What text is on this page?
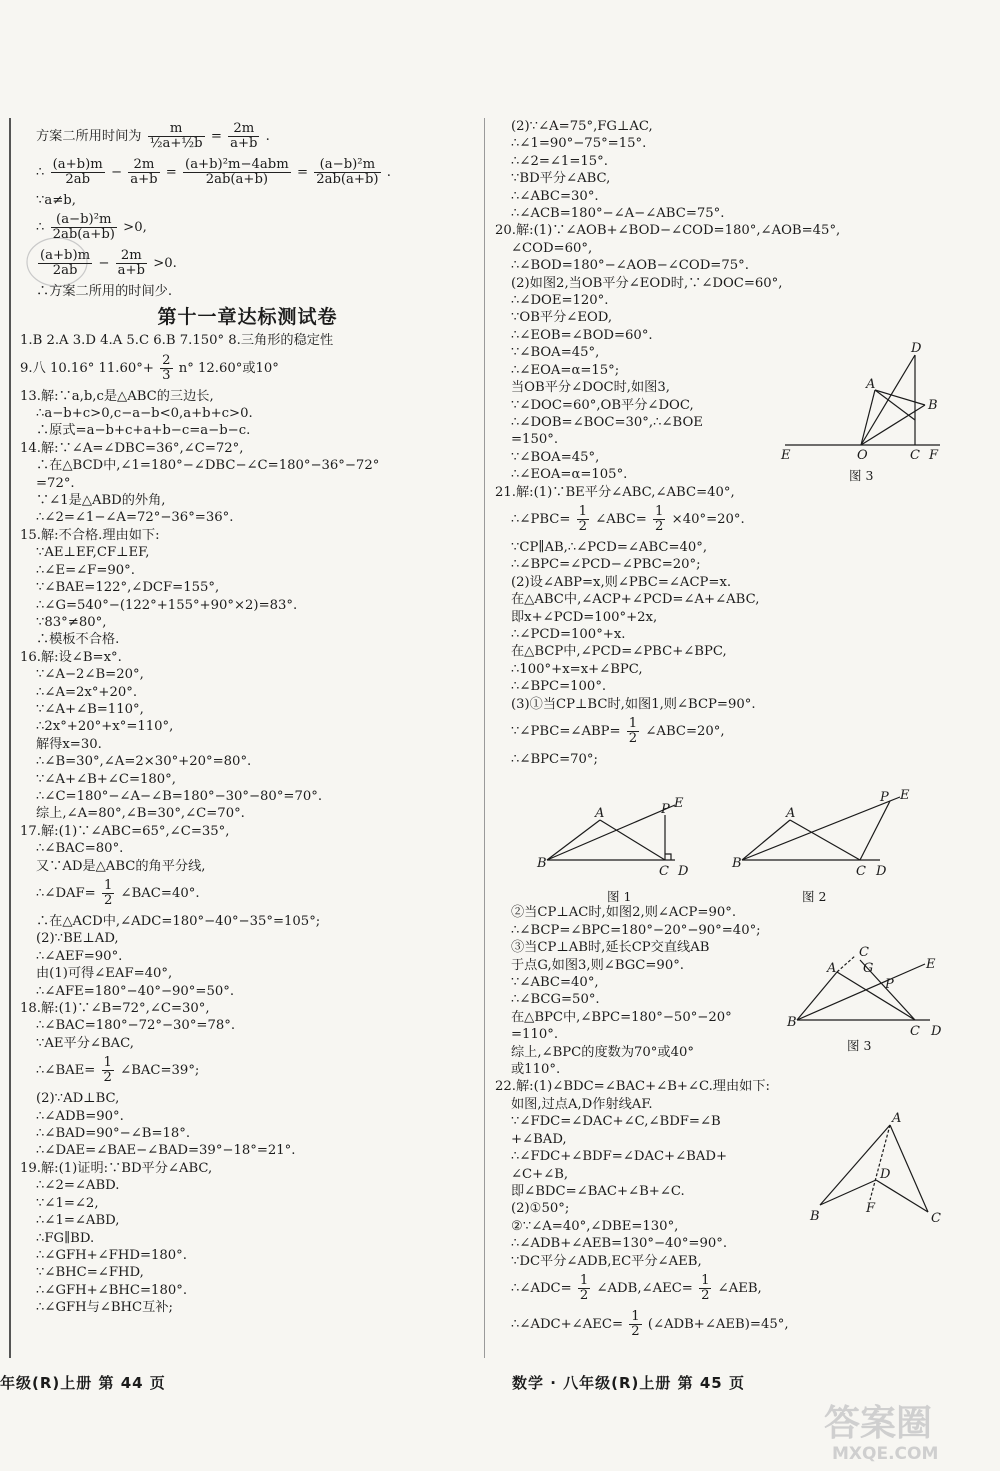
方案二所用时间为 $\frac{m}{\text{½a+½b}} = \frac{2m}{a+b}$ .
∴ $\frac{(a+b)m}{2ab} - \frac{2m}{a+b} = \frac{\text{(a+b)²m−4abm}}{2ab(a+b)} = \frac{\text{(a−b)²m}}{2ab(a+b)}$ .
∵a≠b,
∴ $\frac{\text{(a−b)²m}}{2ab(a+b)} >0$,
$\frac{(a+b)m}{2ab} - \frac{2m}{a+b} >0$.
∴方案二所用的时间少.
第十一章达标测试卷
1.B 2.A 3.D 4.A 5.C 6.B 7.150° 8.三角形的稳定性
9.八 10.16° $11.60^\circ+ \frac{2}{3} n^\circ$ 12.60°或10°
13.解:∵a,b,c是△ABC的三边长,
∴a−b+c>0,c−a−b<0,a+b+c>0.
∴原式=a−b+c+a+b−c=a−b−c.
14.解:∵∠A=∠DBC=36°,∠C=72°,
∴在△BCD中,∠1=180°−∠DBC−∠C=180°−36°−72°
=72°.
∵∠1是△ABD的外角,
∴∠2=∠1−∠A=72°−36°=36°.
15.解:不合格.理由如下:
∵AE⊥EF,CF⊥EF,
∴∠E=∠F=90°.
∵∠BAE=122°,∠DCF=155°,
∴∠G=540°−(122°+155°+90°×2)=83°.
∵83°≠80°,
∴模板不合格.
16.解:设∠B=x°.
∵∠A−2∠B=20°,
∴∠A=2x°+20°.
∵∠A+∠B=110°,
∴2x°+20°+x°=110°,
解得x=30.
∴∠B=30°,∠A=2×30°+20°=80°.
∵∠A+∠B+∠C=180°,
∴∠C=180°−∠A−∠B=180°−30°−80°=70°.
综上,∠A=80°,∠B=30°,∠C=70°.
17.解:(1)∵∠ABC=65°,∠C=35°,
∴∠BAC=80°.
又∵AD是△ABC的角平分线,
∴∠DAF= $\frac{1}{2}$ ∠BAC=40°.
∴在△ACD中,∠ADC=180°−40°−35°=105°;
(2)∵BE⊥AD,
∴∠AEF=90°.
由(1)可得∠EAF=40°,
∴∠AFE=180°−40°−90°=50°.
18.解:(1)∵∠B=72°,∠C=30°,
∴∠BAC=180°−72°−30°=78°.
∵AE平分∠BAC,
∴∠BAE= $\frac{1}{2}$ ∠BAC=39°;
(2)∵AD⊥BC,
∴∠ADB=90°.
∴∠BAD=90°−∠B=18°.
∴∠DAE=∠BAE−∠BAD=39°−18°=21°.
19.解:(1)证明:∵BD平分∠ABC,
∴∠2=∠ABD.
∵∠1=∠2,
∴∠1=∠ABD,
∴FG∥BD.
∴∠GFH+∠FHD=180°.
∵∠BHC=∠FHD,
∴∠GFH+∠BHC=180°.
∴∠GFH与∠BHC互补;
(2)∵∠A=75°,FG⊥AC,
∴∠1=90°−75°=15°.
∴∠2=∠1=15°.
∵BD平分∠ABC,
∴∠ABC=30°.
∴∠ACB=180°−∠A−∠ABC=75°.
20.解:(1)∵∠AOB+∠BOD−∠COD=180°,∠AOB=45°,
∠COD=60°,
∴∠BOD=180°−∠AOB−∠COD=75°.
(2)如图2,当OB平分∠EOD时,∵∠DOC=60°,
∴∠DOE=120°.
∵OB平分∠EOD,
∴∠EOB=∠BOD=60°.
∵∠BOA=45°,
∴∠EOA=α=15°;
当OB平分∠DOC时,如图3,
∵∠DOC=60°,OB平分∠DOC,
∴∠DOB=∠BOC=30°,∴∠BOE
=150°.
∵∠BOA=45°,
∴∠EOA=α=105°.
21.解:(1)∵BE平分∠ABC,∠ABC=40°,
∴∠PBC= $\frac{1}{2}$ ∠ABC= $\frac{1}{2} \times 40^\circ=20^\circ$.
∵CP∥AB,∴∠PCD=∠ABC=40°,
∴∠BPC=∠PCD−∠PBC=20°;
(2)设∠ABP=x,则∠PBC=∠ACP=x.
在△ABC中,∠ACP+∠PCD=∠A+∠ABC,
即x+∠PCD=100°+2x,
∴∠PCD=100°+x.
在△BCP中,∠PCD=∠PBC+∠BPC,
∴100°+x=x+∠BPC,
∴∠BPC=100°.
(3)①当CP⊥BC时,如图1,则∠BCP=90°.
∵∠PBC=∠ABP= $\frac{1}{2}$ ∠ABC=20°,
∴∠BPC=70°;
②当CP⊥AC时,如图2,则∠ACP=90°.
∴∠BCP=∠BPC=180°−20°−90°=40°;
③当CP⊥AB时,延长CP交直线AB
于点G,如图3,则∠BGC=90°.
∵∠ABC=40°,
∴∠BCG=50°.
在△BPC中,∠BPC=180°−50°−20°
=110°.
综上,∠BPC的度数为70°或40°
或110°.
22.解:(1)∠BDC=∠BAC+∠B+∠C.理由如下:
如图,过点A,D作射线AF.
∵∠FDC=∠DAC+∠C,∠BDF=∠B
+∠BAD,
∴∠FDC+∠BDF=∠DAC+∠BAD+
∠C+∠B,
即∠BDC=∠BAC+∠B+∠C.
(2)①50°;
②∵∠A=40°,∠DBE=130°,
∴∠ADB+∠AEB=130°−40°=90°.
∵DC平分∠ADB,EC平分∠AEB,
∴∠ADC= $\frac{1}{2}$ ∠ADB,∠AEC= $\frac{1}{2}$ ∠AEB,
∴∠ADC+∠AEC= $\frac{1}{2}$ (∠ADB+∠AEB)=45°,
D
A
B
E	O	C F
图 3
A	P E
B
C D
图 1
A
P E
B
C D
图 2
C
A G
P
E
B
C D
图 3
A
D
B
F
C
年级(R)上册 第 44 页	数学 · 八年级(R)上册 第 45 页
答案圈
MXQE.COM
